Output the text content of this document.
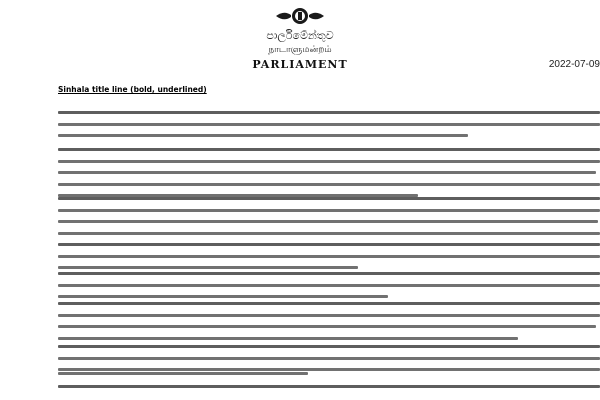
පාර්ලිමේන්තුව
நாடாளுமன்றம்
PARLIAMENT	2022-07-09
Sinhala title line (bold, underlined)
